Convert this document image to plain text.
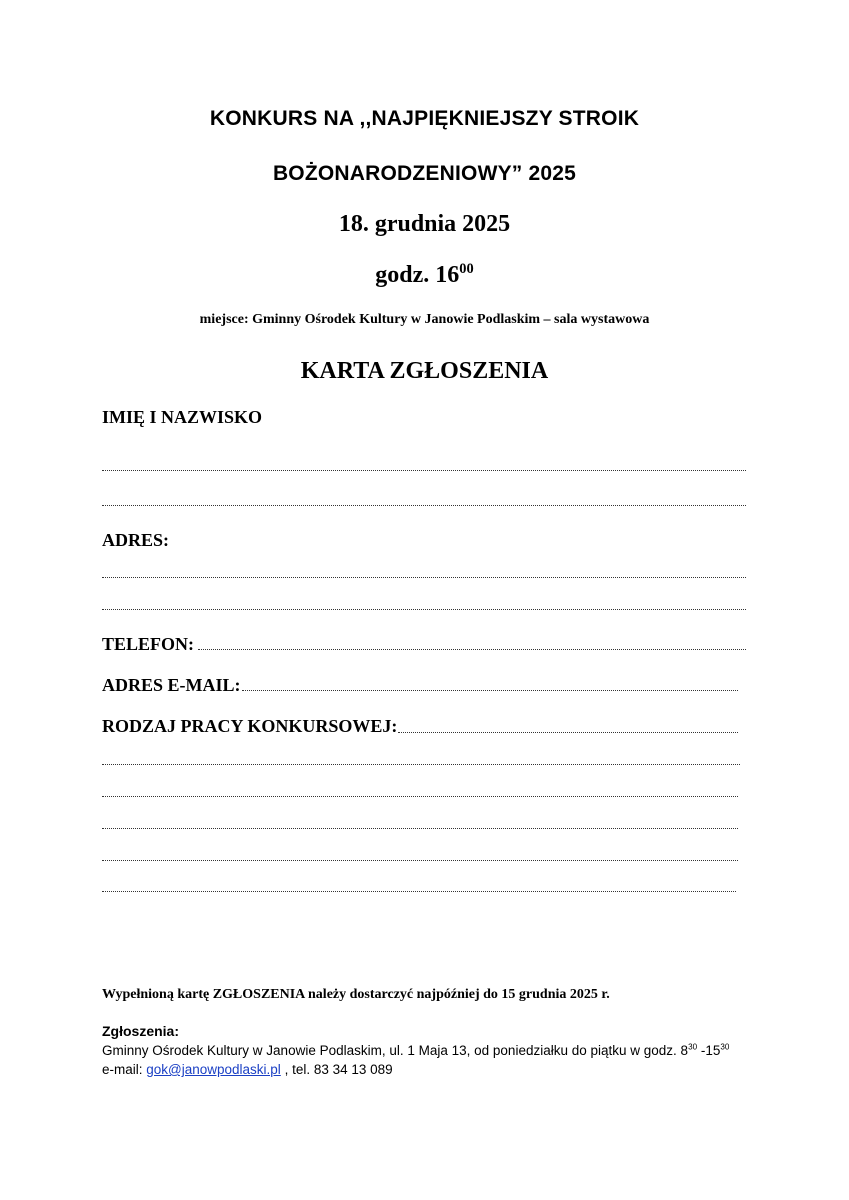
KONKURS NA ,,NAJPIĘKNIEJSZY STROIK
BOŻONARODZENIOWY” 2025
18. grudnia 2025
godz. $16^{00}$
miejsce: Gminny Ośrodek Kultury w Janowie Podlaskim – sala wystawowa
KARTA ZGŁOSZENIA
IMIĘ I NAZWISKO
ADRES:
TELEFON:
ADRES E-MAIL:
RODZAJ PRACY KONKURSOWEJ:
Wypełnioną kartę ZGŁOSZENIA należy dostarczyć najpóźniej do 15 grudnia 2025 r.
Zgłoszenia:
Gminny Ośrodek Kultury w Janowie Podlaskim, ul. 1 Maja 13, od poniedziałku do piątku w godz. $8^{30}$ $-15^{30}$
e-mail: gok@janowpodlaski.pl , tel. 83 34 13 089
